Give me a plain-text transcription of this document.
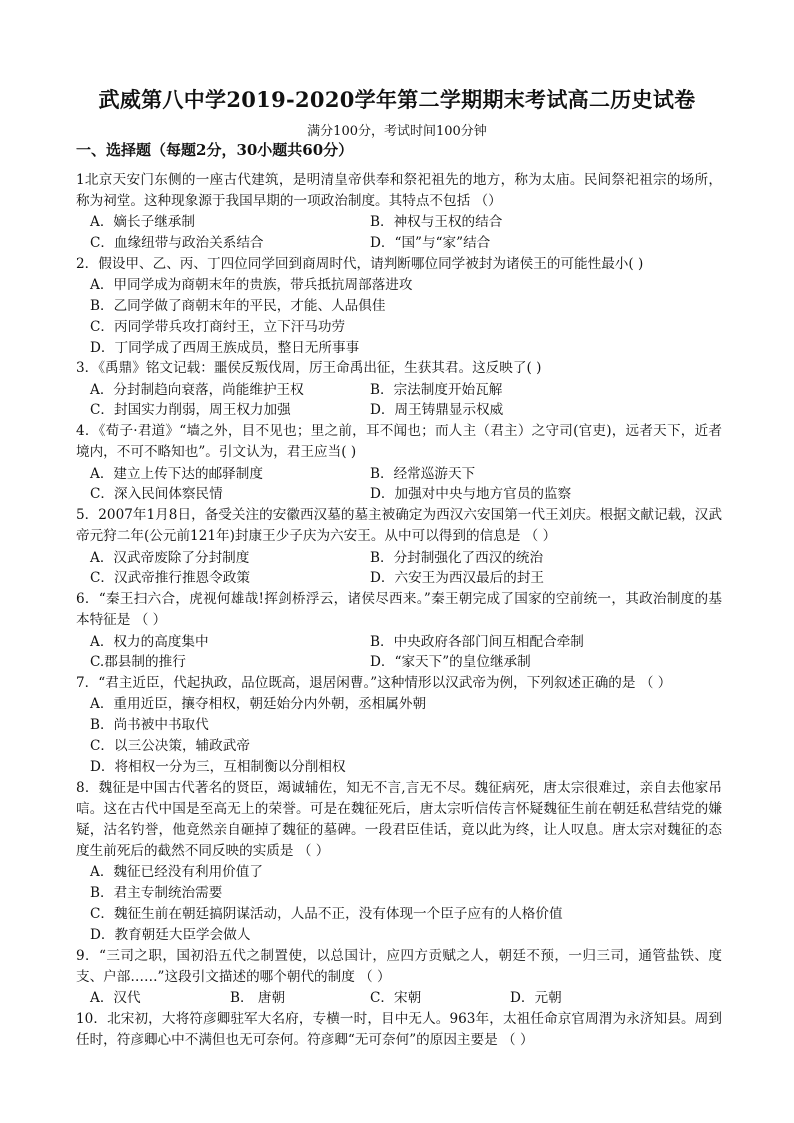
武威第八中学2019-2020学年第二学期期末考试高二历史试卷
满分100分，考试时间100分钟
一、选择题（每题2分，30小题共60分）
1北京天安门东侧的一座古代建筑，是明清皇帝供奉和祭祀祖先的地方，称为太庙。民间祭祀祖宗的场所，称为祠堂。这种现象源于我国早期的一项政治制度。其特点不包括 （）
A．嫡长子继承制	B．神权与王权的结合
C．血缘纽带与政治关系结合	D．“国”与“家”结合
2．假设甲、乙、丙、丁四位同学回到商周时代，请判断哪位同学被封为诸侯王的可能性最小( )
A．甲同学成为商朝末年的贵族，带兵抵抗周部落进攻
B．乙同学做了商朝末年的平民，才能、人品俱佳
C．丙同学带兵攻打商纣王，立下汗马功劳
D．丁同学成了西周王族成员，整日无所事事
3．《禹鼎》铭文记载：噩侯反叛伐周，厉王命禹出征，生获其君。这反映了( )
A．分封制趋向衰落，尚能维护王权	B．宗法制度开始瓦解
C．封国实力削弱，周王权力加强	D．周王铸鼎显示权威
4．《荀子·君道》“墙之外，目不见也；里之前，耳不闻也；而人主（君主）之守司(官吏)，远者天下，近者境内，不可不略知也”。引文认为，君王应当( )
A．建立上传下达的邮驿制度	B．经常巡游天下
C．深入民间体察民情	D．加强对中央与地方官员的监察
5．2007年1月8日，备受关注的安徽西汉墓的墓主被确定为西汉六安国第一代王刘庆。根据文献记载，汉武帝元狩二年(公元前121年)封康王少子庆为六安王。从中可以得到的信息是 （ ）
A．汉武帝废除了分封制度	B．分封制强化了西汉的统治
C．汉武帝推行推恩令政策	D．六安王为西汉最后的封王
6．“秦王扫六合，虎视何雄哉!挥剑桥浮云，诸侯尽西来。”秦王朝完成了国家的空前统一，其政治制度的基本特征是 （ ）
A．权力的高度集中	B．中央政府各部门间互相配合牵制
C.郡县制的推行	D．“家天下”的皇位继承制
7．“君主近臣，代起执政，品位既高，退居闲曹。”这种情形以汉武帝为例，下列叙述正确的是 （ ）
A．重用近臣，攘夺相权，朝廷始分内外朝，丞相属外朝
B．尚书被中书取代
C．以三公决策，辅政武帝
D．将相权一分为三，互相制衡以分削相权
8．魏征是中国古代著名的贤臣，竭诚辅佐，知无不言,言无不尽。魏征病死，唐太宗很难过，亲自去他家吊唁。这在古代中国是至高无上的荣誉。可是在魏征死后，唐太宗听信传言怀疑魏征生前在朝廷私营结党的嫌疑，沽名钓誉，他竟然亲自砸掉了魏征的墓碑。一段君臣佳话，竟以此为终，让人叹息。唐太宗对魏征的态度生前死后的截然不同反映的实质是 （ ）
A．魏征已经没有利用价值了
B．君主专制统治需要
C．魏征生前在朝廷搞阴谋活动，人品不正，没有体现一个臣子应有的人格价值
D．教育朝廷大臣学会做人
9．“三司之职，国初沿五代之制置使，以总国计，应四方贡赋之人，朝廷不预，一归三司，通管盐铁、度支、户部……”这段引文描述的哪个朝代的制度 （ ）
A．汉代	B． 唐朝	C．宋朝	D．元朝
10．北宋初，大将符彦卿驻军大名府，专横一时，目中无人。963年，太祖任命京官周渭为永济知县。周到任时，符彦卿心中不满但也无可奈何。符彦卿“无可奈何”的原因主要是 （ ）
